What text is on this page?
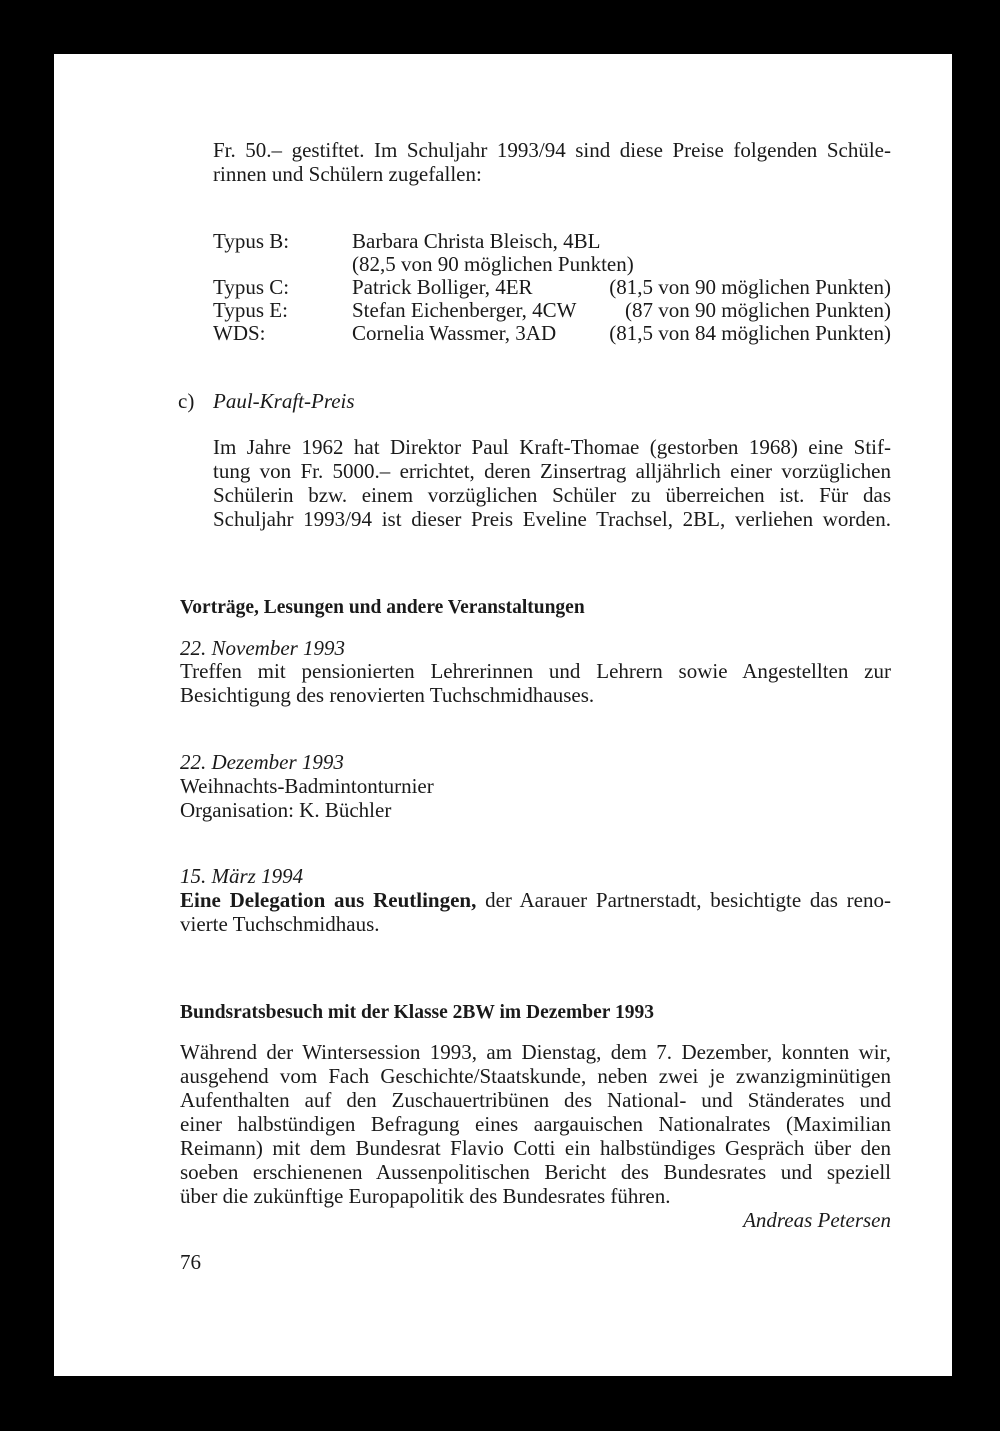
Fr. 50.– gestiftet. Im Schuljahr 1993/94 sind diese Preise folgenden Schüle-
rinnen und Schülern zugefallen:
Typus B:	Barbara Christa Bleisch, 4BL
(82,5 von 90 möglichen Punkten)
Typus C:	Patrick Bolliger, 4ER	(81,5 von 90 möglichen Punkten)
Typus E:	Stefan Eichenberger, 4CW (87 von 90 möglichen Punkten)
WDS:	Cornelia Wassmer, 3AD	(81,5 von 84 möglichen Punkten)
c) Paul-Kraft-Preis
Im Jahre 1962 hat Direktor Paul Kraft-Thomae (gestorben 1968) eine Stif-
tung von Fr. 5000.– errichtet, deren Zinsertrag alljährlich einer vorzüglichen
Schülerin bzw. einem vorzüglichen Schüler zu überreichen ist. Für das
Schuljahr 1993/94 ist dieser Preis Eveline Trachsel, 2BL, verliehen worden.
Vorträge, Lesungen und andere Veranstaltungen
22. November 1993
Treffen mit pensionierten Lehrerinnen und Lehrern sowie Angestellten zur
Besichtigung des renovierten Tuchschmidhauses.
22. Dezember 1993
Weihnachts-Badmintonturnier
Organisation: K. Büchler
15. März 1994
Eine Delegation aus Reutlingen, der Aarauer Partnerstadt, besichtigte das reno-
vierte Tuchschmidhaus.
Bundsratsbesuch mit der Klasse 2BW im Dezember 1993
Während der Wintersession 1993, am Dienstag, dem 7. Dezember, konnten wir,
ausgehend vom Fach Geschichte/Staatskunde, neben zwei je zwanzigminütigen
Aufenthalten auf den Zuschauertribünen des National- und Ständerates und
einer halbstündigen Befragung eines aargauischen Nationalrates (Maximilian
Reimann) mit dem Bundesrat Flavio Cotti ein halbstündiges Gespräch über den
soeben erschienenen Aussenpolitischen Bericht des Bundesrates und speziell
über die zukünftige Europapolitik des Bundesrates führen.
Andreas Petersen
76
